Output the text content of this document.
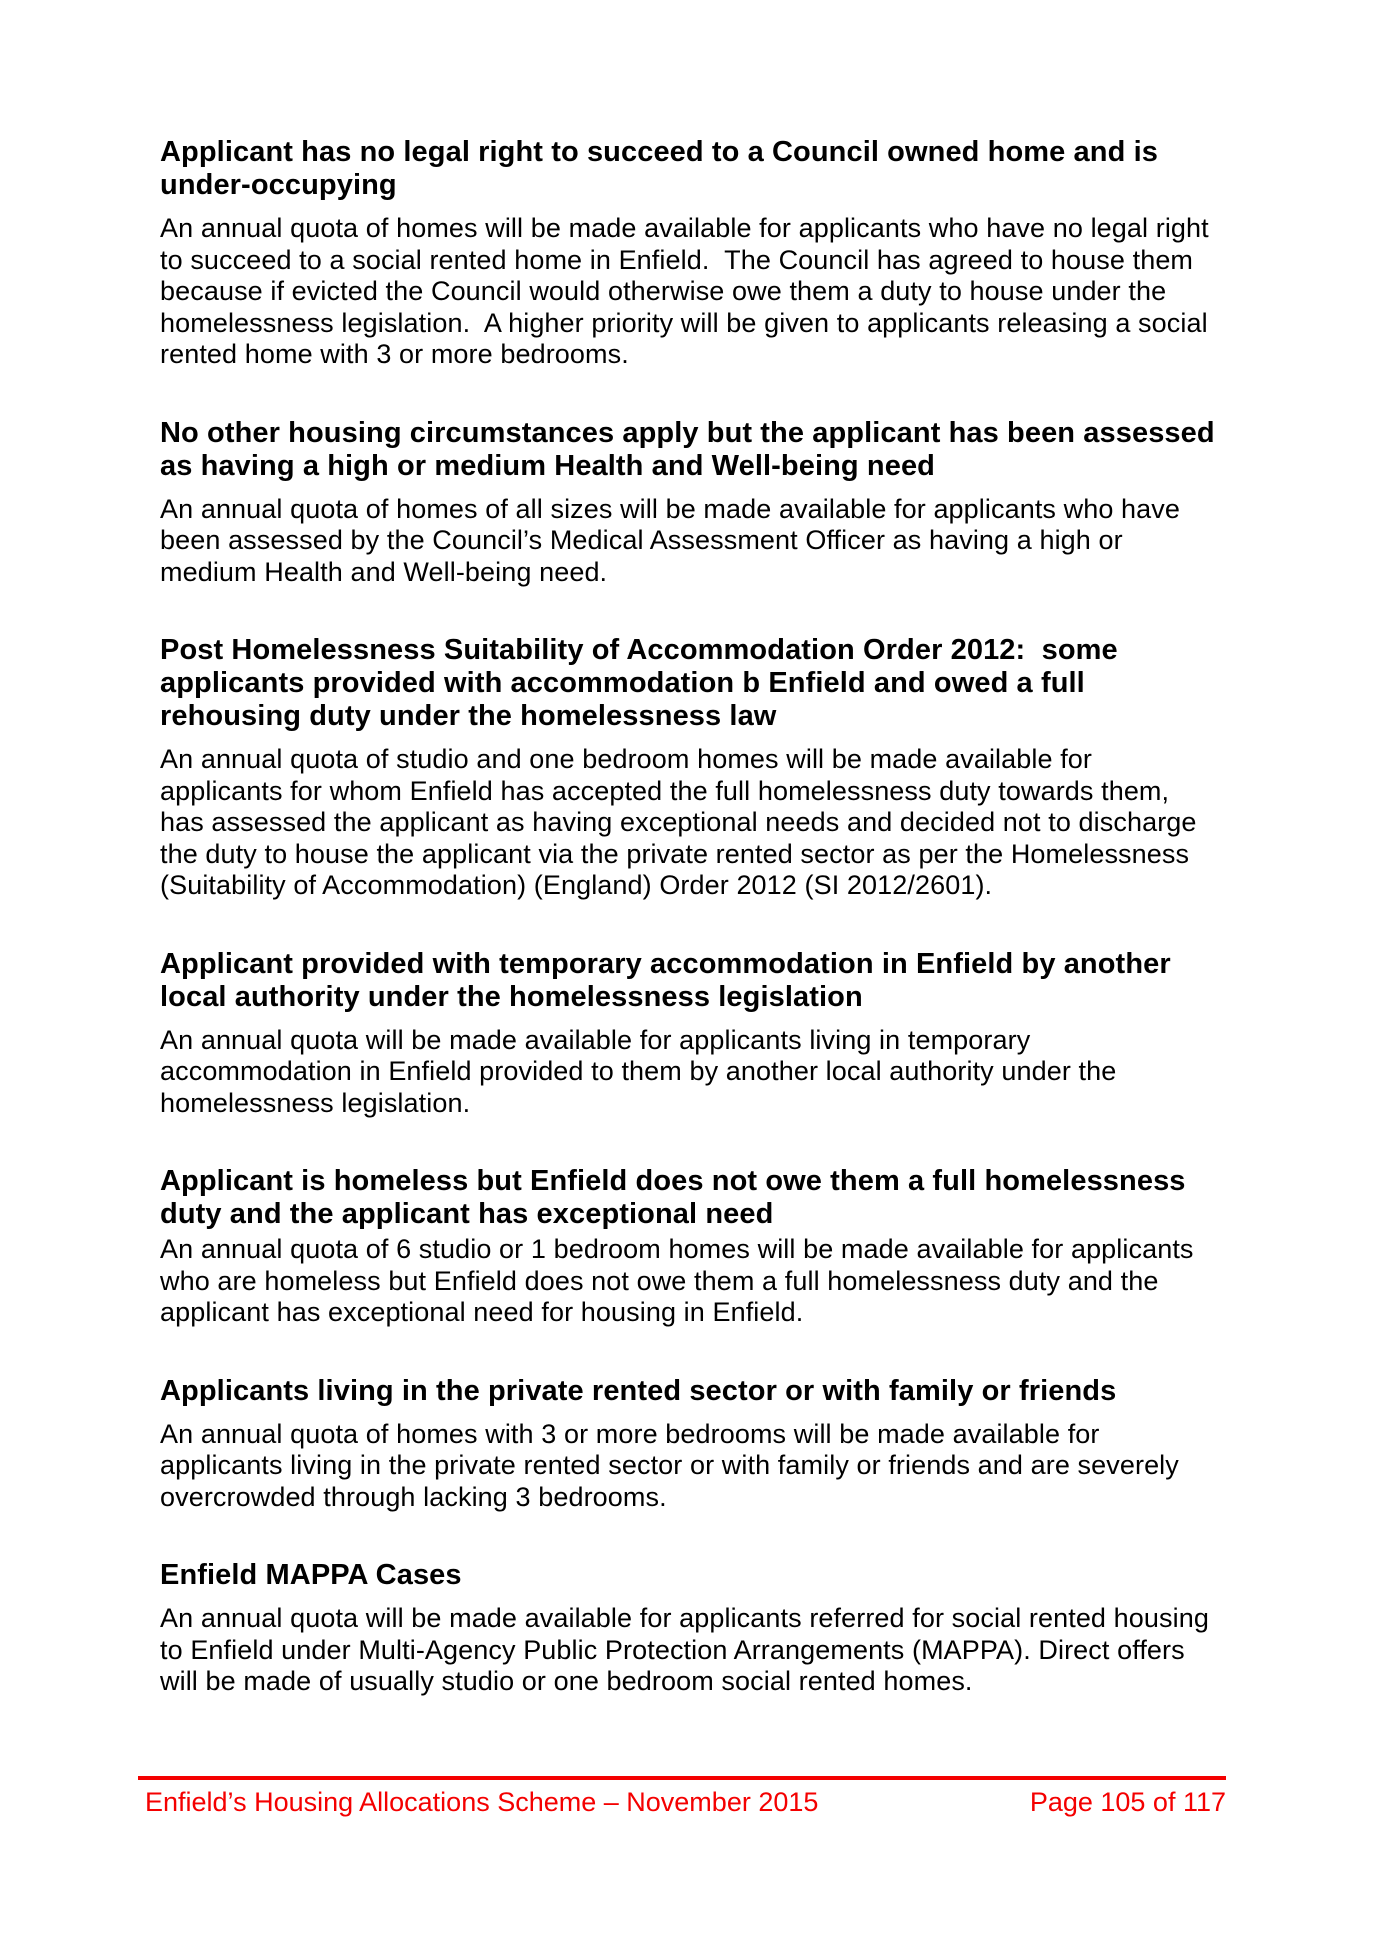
Applicant has no legal right to succeed to a Council owned home and is under-occupying

An annual quota of homes will be made available for applicants who have no legal right to succeed to a social rented home in Enfield.  The Council has agreed to house them because if evicted the Council would otherwise owe them a duty to house under the homelessness legislation.  A higher priority will be given to applicants releasing a social rented home with 3 or more bedrooms.

No other housing circumstances apply but the applicant has been assessed as having a high or medium Health and Well-being need

An annual quota of homes of all sizes will be made available for applicants who have been assessed by the Council’s Medical Assessment Officer as having a high or medium Health and Well-being need.

Post Homelessness Suitability of Accommodation Order 2012:  some applicants provided with accommodation b Enfield and owed a full rehousing duty under the homelessness law

An annual quota of studio and one bedroom homes will be made available for applicants for whom Enfield has accepted the full homelessness duty towards them, has assessed the applicant as having exceptional needs and decided not to discharge the duty to house the applicant via the private rented sector as per the Homelessness (Suitability of Accommodation) (England) Order 2012 (SI 2012/2601).

Applicant provided with temporary accommodation in Enfield by another local authority under the homelessness legislation

An annual quota will be made available for applicants living in temporary accommodation in Enfield provided to them by another local authority under the homelessness legislation.

Applicant is homeless but Enfield does not owe them a full homelessness duty and the applicant has exceptional need

An annual quota of 6 studio or 1 bedroom homes will be made available for applicants who are homeless but Enfield does not owe them a full homelessness duty and the applicant has exceptional need for housing in Enfield.

Applicants living in the private rented sector or with family or friends

An annual quota of homes with 3 or more bedrooms will be made available for applicants living in the private rented sector or with family or friends and are severely overcrowded through lacking 3 bedrooms.

Enfield MAPPA Cases

An annual quota will be made available for applicants referred for social rented housing to Enfield under Multi-Agency Public Protection Arrangements (MAPPA). Direct offers will be made of usually studio or one bedroom social rented homes.

Enfield’s Housing Allocations Scheme – November 2015	Page 105 of 117
